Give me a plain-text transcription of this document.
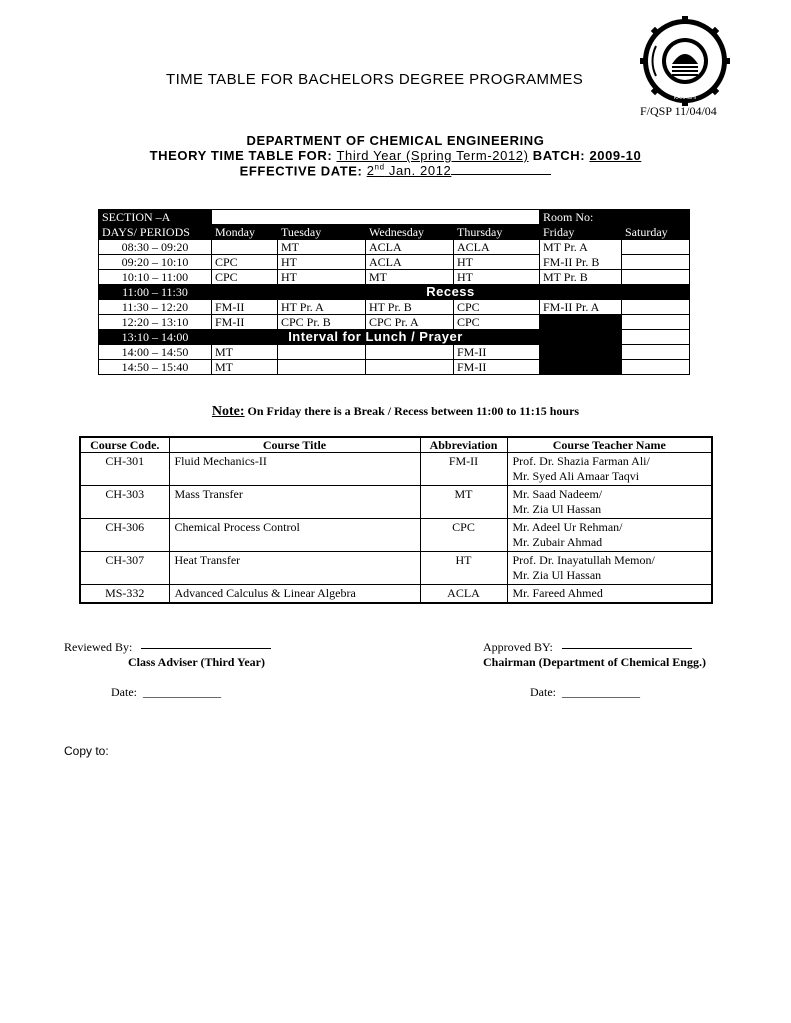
TIME TABLE FOR BACHELORS DEGREE PROGRAMMES
KARACHI
F/QSP 11/04/04
DEPARTMENT OF CHEMICAL ENGINEERING
THEORY TIME TABLE FOR: Third Year (Spring Term-2012) BATCH: 2009-10
EFFECTIVE DATE: 2nd Jan. 2012
SECTION –A					Room No:	
DAYS/ PERIODS	Monday	Tuesday	Wednesday	Thursday	Friday	Saturday
08:30 – 09:20		MT	ACLA	ACLA	MT Pr. A	
09:20 – 10:10	CPC	HT	ACLA	HT	FM-II Pr. B	
10:10 – 11:00	CPC	HT	MT	HT	MT Pr. B	
11:00 – 11:30	Recess					
11:30 – 12:20	FM-II	HT Pr. A	HT Pr. B	CPC	FM-II Pr. A	
12:20 – 13:10	FM-II	CPC Pr. B	CPC Pr. A	CPC		
13:10 – 14:00	Interval for Lunch / Prayer					
14:00 – 14:50	MT			FM-II		
14:50 – 15:40	MT			FM-II		
Note: On Friday there is a Break / Recess between 11:00 to 11:15 hours
Course Code.	Course Title	Abbreviation	Course Teacher Name
CH-301	Fluid Mechanics-II	FM-II	Prof. Dr. Shazia Farman Ali/
Mr. Syed Ali Amaar Taqvi

CH-303	Mass Transfer	MT	Mr. Saad Nadeem/
Mr. Zia Ul Hassan

CH-306	Chemical Process Control	CPC	Mr. Adeel Ur Rehman/
Mr. Zubair Ahmad

CH-307	Heat Transfer	HT	Prof. Dr. Inayatullah Memon/
Mr. Zia Ul Hassan

MS-332	Advanced Calculus & Linear Algebra	ACLA	Mr. Fareed Ahmed
Reviewed By:
Class Adviser (Third Year)
Approved BY:
Chairman (Department of Chemical Engg.)
Date: _____________	Date: _____________
Copy to:
